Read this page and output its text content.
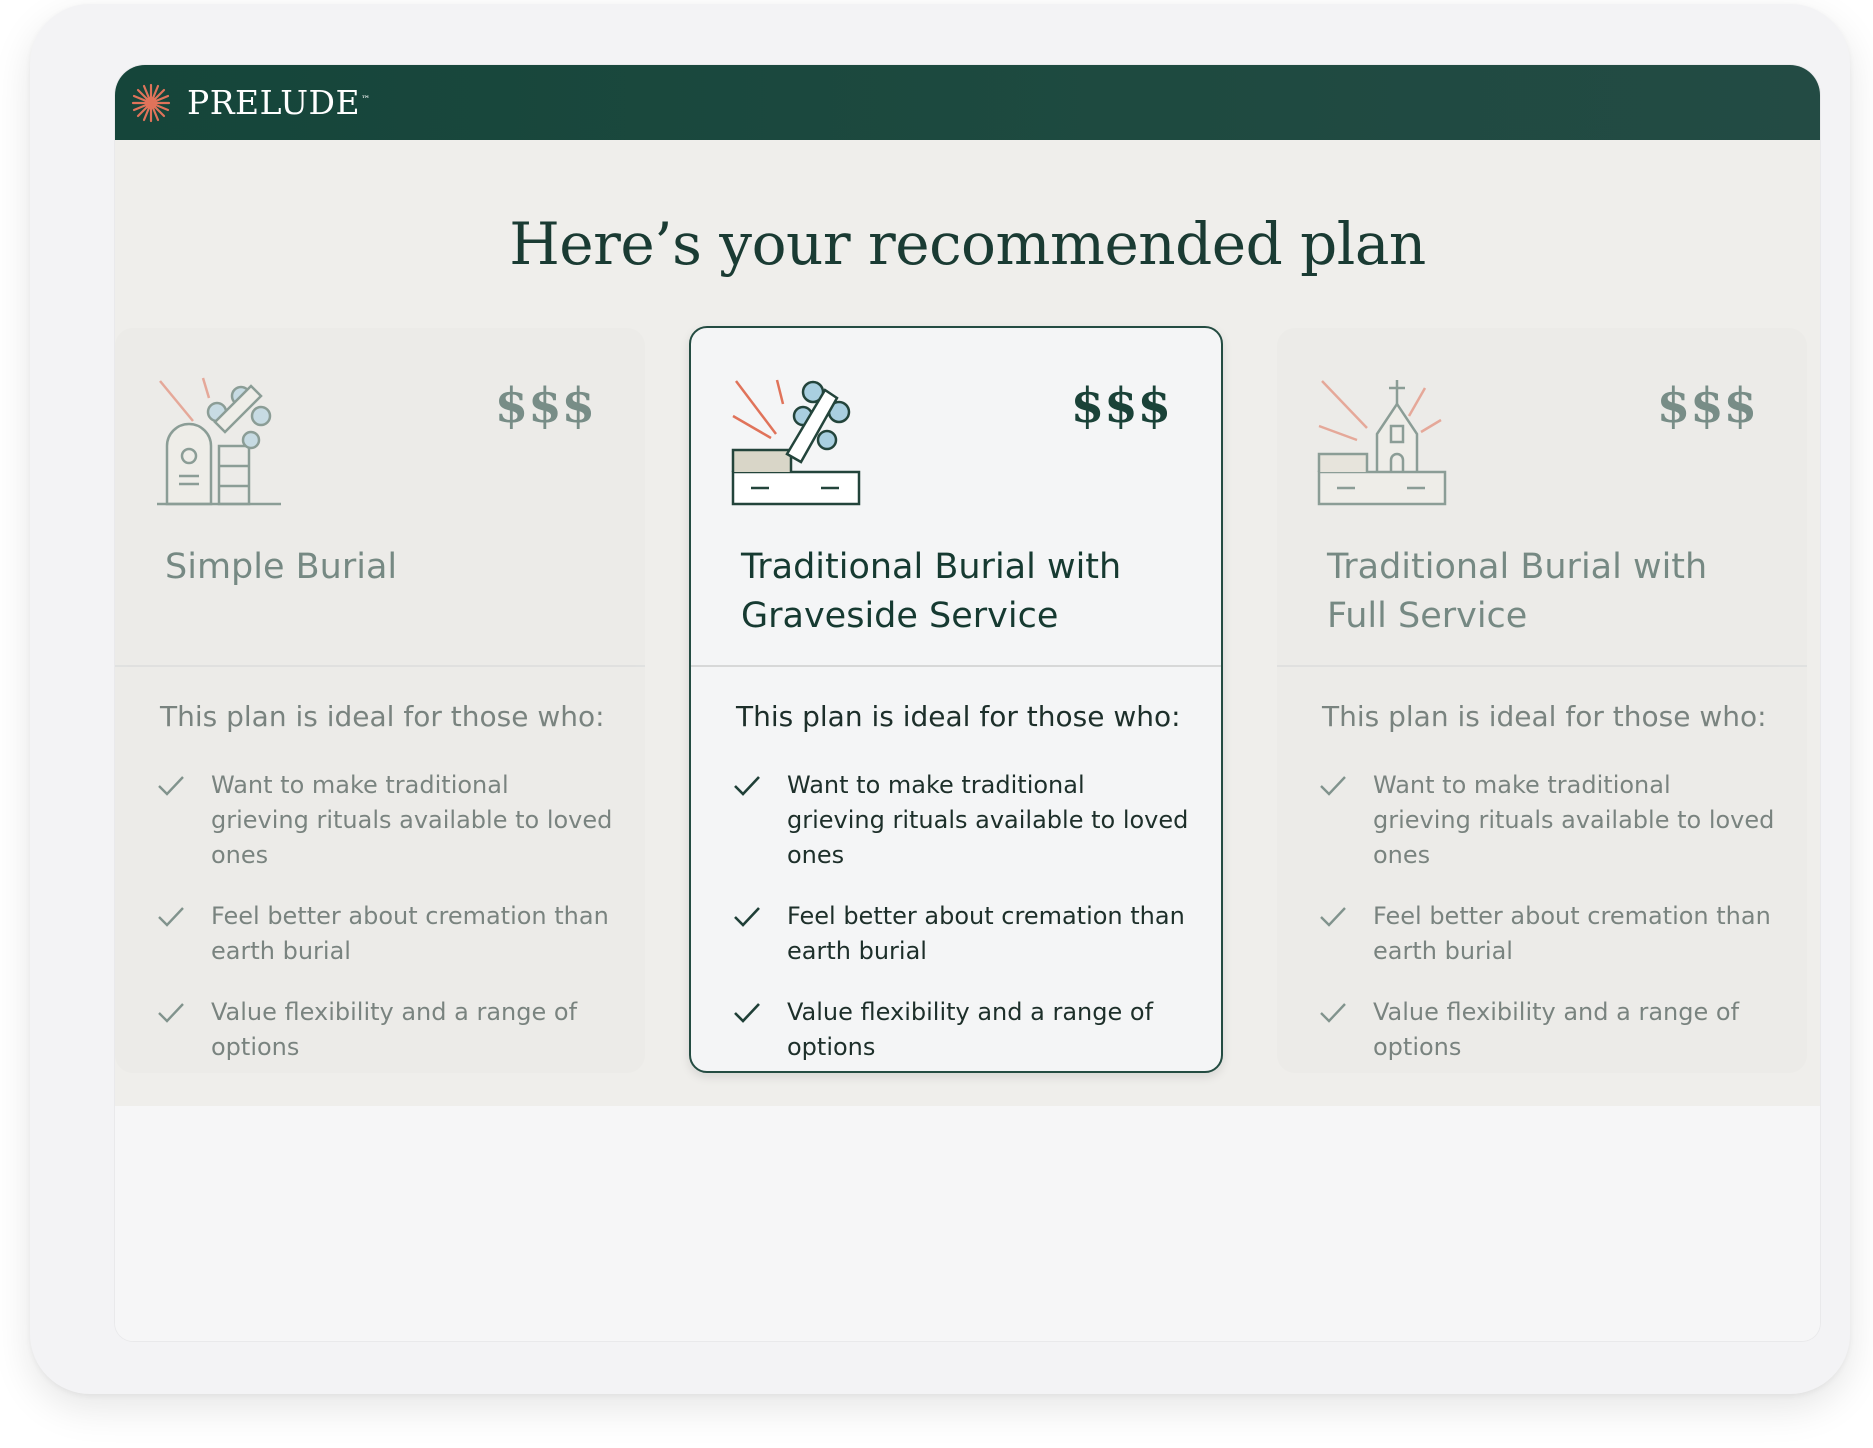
PRELUDE™
Here’s your recommended plan
$$$
Simple Burial
This plan is ideal for those who:
Want to make traditional grieving rituals available to loved ones
Feel better about cremation than earth burial
Value flexibility and a range of options
$$$
Traditional Burial with Graveside Service
This plan is ideal for those who:
Want to make traditional grieving rituals available to loved ones
Feel better about cremation than earth burial
Value flexibility and a range of options
$$$
Traditional Burial with Full Service
This plan is ideal for those who:
Want to make traditional grieving rituals available to loved ones
Feel better about cremation than earth burial
Value flexibility and a range of options
